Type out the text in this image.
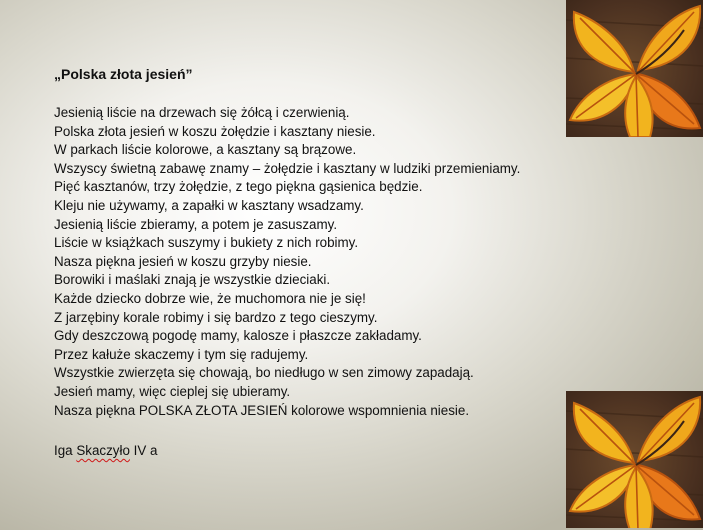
„Polska złota jesień”
Jesienią liście na drzewach się żółcą i czerwienią.
Polska złota jesień w koszu żołędzie i kasztany niesie.
W parkach liście kolorowe, a kasztany są brązowe.
Wszyscy świetną zabawę znamy – żołędzie i kasztany w ludziki przemieniamy.
Pięć kasztanów, trzy żołędzie, z tego piękna gąsienica będzie.
Kleju nie używamy, a zapałki w kasztany wsadzamy.
Jesienią liście zbieramy, a potem je zasuszamy.
Liście w książkach suszymy i bukiety z nich robimy.
Nasza piękna jesień w koszu grzyby niesie.
Borowiki i maślaki znają je wszystkie dzieciaki.
Każde dziecko dobrze wie, że muchomora nie je się!
Z jarzębiny korale robimy i się bardzo z tego cieszymy.
Gdy deszczową pogodę mamy, kalosze i płaszcze zakładamy.
Przez kałuże skaczemy i tym się radujemy.
Wszystkie zwierzęta się chowają, bo niedługo w sen zimowy zapadają.
Jesień mamy, więc cieplej się ubieramy.
Nasza piękna POLSKA ZŁOTA JESIEŃ kolorowe wspomnienia niesie.
Iga Skaczyło IV a
